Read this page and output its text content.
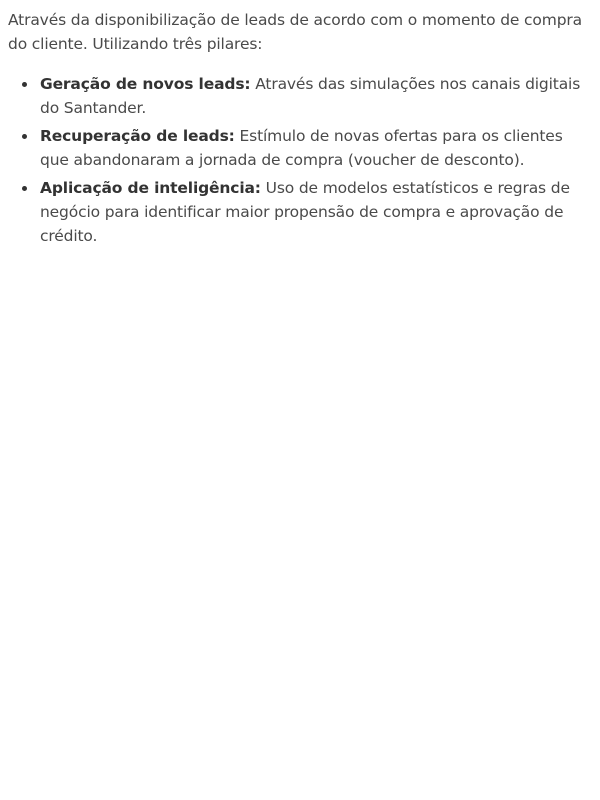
Através da disponibilização de leads de acordo com o momento de compra do cliente. Utilizando três pilares:

Geração de novos leads: Através das simulações nos canais digitais do Santander.
Recuperação de leads: Estímulo de novas ofertas para os clientes que abandonaram a jornada de compra (voucher de desconto).
Aplicação de inteligência: Uso de modelos estatísticos e regras de negócio para identificar maior propensão de compra e aprovação de crédito.
